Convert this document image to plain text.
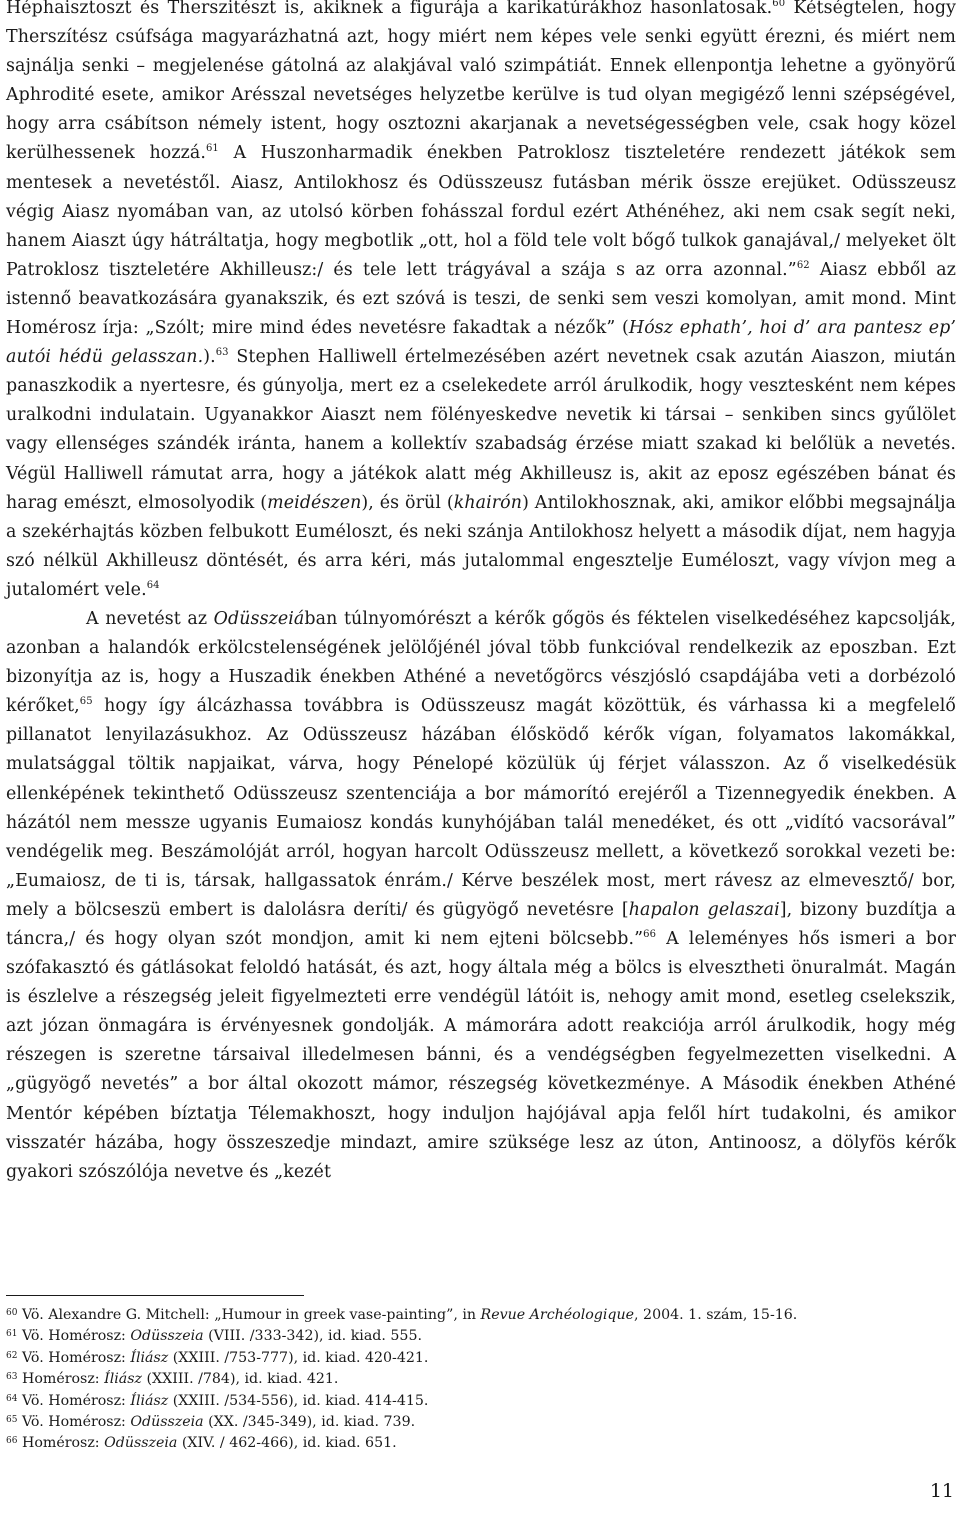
Héphaisztoszt és Therszitészt is, akiknek a figurája a karikatúrákhoz hasonlatosak.$^{60}$ Kétségtelen, hogy Therszítész csúfsága magyarázhatná azt, hogy miért nem képes vele senki együtt érezni, és miért nem sajnálja senki – megjelenése gátolná az alakjával való szimpátiát. Ennek ellenpontja lehetne a gyönyörű Aphrodité esete, amikor Arésszal nevetséges helyzetbe kerülve is tud olyan megigéző lenni szépségével, hogy arra csábítson némely istent, hogy osztozni akarjanak a nevetségességben vele, csak hogy közel kerülhessenek hozzá.$^{61}$ A Huszonharmadik énekben Patroklosz tiszteletére rendezett játékok sem mentesek a nevetéstől. Aiasz, Antilokhosz és Odüsszeusz futásban mérik össze erejüket. Odüsszeusz végig Aiasz nyomában van, az utolsó körben fohásszal fordul ezért Athénéhez, aki nem csak segít neki, hanem Aiaszt úgy hátráltatja, hogy megbotlik „ott, hol a föld tele volt bőgő tulkok ganajával,/ melyeket ölt Patroklosz tiszteletére Akhilleusz:/ és tele lett trágyával a szája s az orra azonnal.”$^{62}$ Aiasz ebből az istennő beavatkozására gyanakszik, és ezt szóvá is teszi, de senki sem veszi komolyan, amit mond. Mint Homérosz írja: „Szólt; mire mind édes nevetésre fakadtak a nézők” (Hósz ephath’, hoi d’ ara pantesz ep’ autói hédü gelasszan.).$^{63}$ Stephen Halliwell értelmezésében azért nevetnek csak azután Aiaszon, miután panaszkodik a nyertesre, és gúnyolja, mert ez a cselekedete arról árulkodik, hogy vesztesként nem képes uralkodni indulatain. Ugyanakkor Aiaszt nem fölényeskedve nevetik ki társai – senkiben sincs gyűlölet vagy ellenséges szándék iránta, hanem a kollektív szabadság érzése miatt szakad ki belőlük a nevetés. Végül Halliwell rámutat arra, hogy a játékok alatt még Akhilleusz is, akit az eposz egészében bánat és harag emészt, elmosolyodik (meidészen), és örül (khairón) Antilokhosznak, aki, amikor előbbi megsajnálja a szekérhajtás közben felbukott Euméloszt, és neki szánja Antilokhosz helyett a második díjat, nem hagyja szó nélkül Akhilleusz döntését, és arra kéri, más jutalommal engesztelje Euméloszt, vagy vívjon meg a jutalomért vele.$^{64}$

A nevetést az Odüsszeiában túlnyomórészt a kérők gőgös és féktelen viselkedéséhez kapcsolják, azonban a halandók erkölcstelenségének jelölőjénél jóval több funkcióval rendelkezik az eposzban. Ezt bizonyítja az is, hogy a Huszadik énekben Athéné a nevetőgörcs vészjósló csapdájába veti a dorbézoló kérőket,$^{65}$ hogy így álcázhassa továbbra is Odüsszeusz magát közöttük, és várhassa ki a megfelelő pillanatot lenyilazásukhoz. Az Odüsszeusz házában élősködő kérők vígan, folyamatos lakomákkal, mulatsággal töltik napjaikat, várva, hogy Pénelopé közülük új férjet válasszon. Az ő viselkedésük ellenképének tekinthető Odüsszeusz szentenciája a bor mámorító erejéről a Tizennegyedik énekben. A házától nem messze ugyanis Eumaiosz kondás kunyhójában talál menedéket, és ott „vidító vacsorával” vendégelik meg. Beszámolóját arról, hogyan harcolt Odüsszeusz mellett, a következő sorokkal vezeti be: „Eumaiosz, de ti is, társak, hallgassatok énrám./ Kérve beszélek most, mert rávesz az elmevesztő/ bor, mely a bölcseszü embert is dalolásra deríti/ és gügyögő nevetésre [hapalon gelaszai], bizony buzdítja a táncra,/ és hogy olyan szót mondjon, amit ki nem ejteni bölcsebb.”$^{66}$ A leleményes hős ismeri a bor szófakasztó és gátlásokat feloldó hatását, és azt, hogy általa még a bölcs is elvesztheti önuralmát. Magán is észlelve a részegség jeleit figyelmezteti erre vendégül látóit is, nehogy amit mond, esetleg cselekszik, azt józan önmagára is érvényesnek gondolják. A mámorára adott reakciója arról árulkodik, hogy még részegen is szeretne társaival illedelmesen bánni, és a vendégségben fegyelmezetten viselkedni. A „gügyögő nevetés” a bor által okozott mámor, részegség következménye. A Második énekben Athéné Mentór képében bíztatja Télemakhoszt, hogy induljon hajójával apja felől hírt tudakolni, és amikor visszatér házába, hogy összeszedje mindazt, amire szüksége lesz az úton, Antinoosz, a dölyfös kérők gyakori szószólója nevetve és „kezét

$^{60}$ Vö. Alexandre G. Mitchell: „Humour in greek vase-painting”, in Revue Archéologique, 2004. 1. szám, 15-16.
$^{61}$ Vö. Homérosz: Odüsszeia (VIII. /333-342), id. kiad. 555.
$^{62}$ Vö. Homérosz: Íliász (XXIII. /753-777), id. kiad. 420-421.
$^{63}$ Homérosz: Íliász (XXIII. /784), id. kiad. 421.
$^{64}$ Vö. Homérosz: Íliász (XXIII. /534-556), id. kiad. 414-415.
$^{65}$ Vö. Homérosz: Odüsszeia (XX. /345-349), id. kiad. 739.
$^{66}$ Homérosz: Odüsszeia (XIV. / 462-466), id. kiad. 651.
11
